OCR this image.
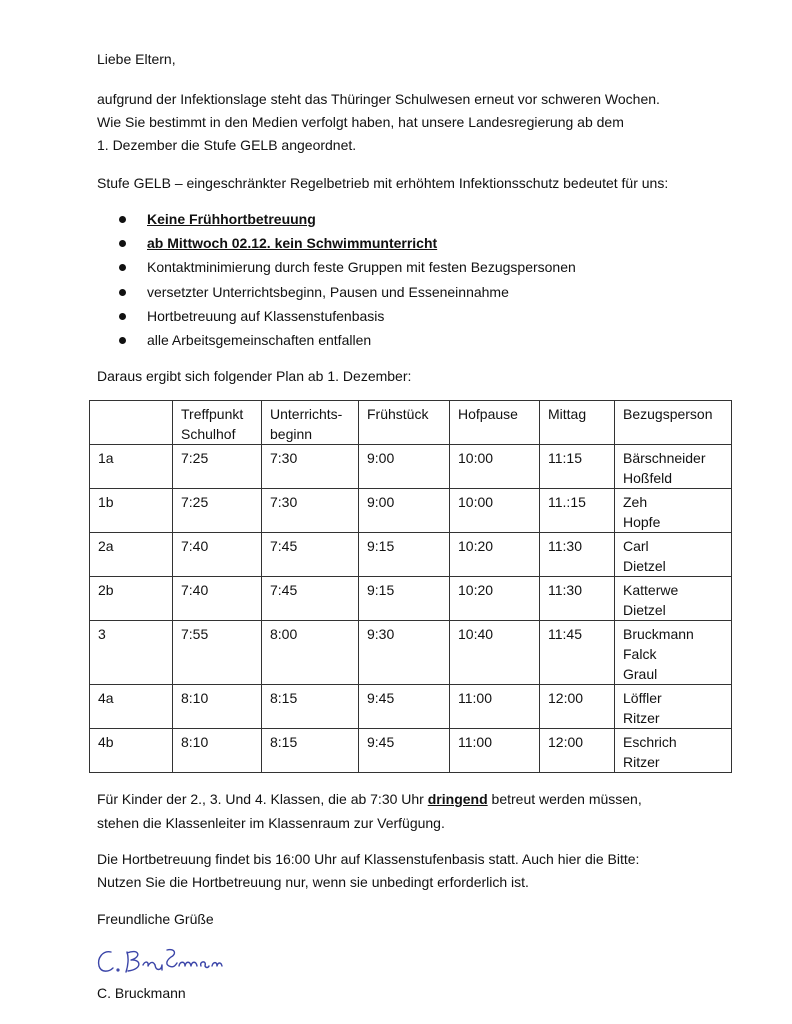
Liebe Eltern,

aufgrund der Infektionslage steht das Thüringer Schulwesen erneut vor schweren Wochen.

Wie Sie bestimmt in den Medien verfolgt haben, hat unsere Landesregierung ab dem

1. Dezember die Stufe GELB angeordnet.

Stufe GELB – eingeschränkter Regelbetrieb mit erhöhtem Infektionsschutz bedeutet für uns:

Keine Frühhortbetreuung
ab Mittwoch 02.12. kein Schwimmunterricht
Kontaktminimierung durch feste Gruppen mit festen Bezugspersonen
versetzter Unterrichtsbeginn, Pausen und Esseneinnahme
Hortbetreuung auf Klassenstufenbasis
alle Arbeitsgemeinschaften entfallen

Daraus ergibt sich folgender Plan ab 1. Dezember:

	Treffpunkt
Schulhof	Unterrichts-
beginn	Frühstück	Hofpause	Mittag	Bezugsperson
1a	7:25	7:30	9:00	10:00	11:15	Bärschneider
Hoßfeld

1b	7:25	7:30	9:00	10:00	11.:15	Zeh
Hopfe

2a	7:40	7:45	9:15	10:20	11:30	Carl
Dietzel

2b	7:40	7:45	9:15	10:20	11:30	Katterwe
Dietzel

3	7:55	8:00	9:30	10:40	11:45	Bruckmann
Falck
Graul

4a	8:10	8:15	9:45	11:00	12:00	Löffler
Ritzer

4b	8:10	8:15	9:45	11:00	12:00	Eschrich
Ritzer

Für Kinder der 2., 3. Und 4. Klassen, die ab 7:30 Uhr dringend betreut werden müssen,

stehen die Klassenleiter im Klassenraum zur Verfügung.

Die Hortbetreuung findet bis 16:00 Uhr auf Klassenstufenbasis statt. Auch hier die Bitte:

Nutzen Sie die Hortbetreuung nur, wenn sie unbedingt erforderlich ist.

Freundliche Grüße

C. Bruckmann
